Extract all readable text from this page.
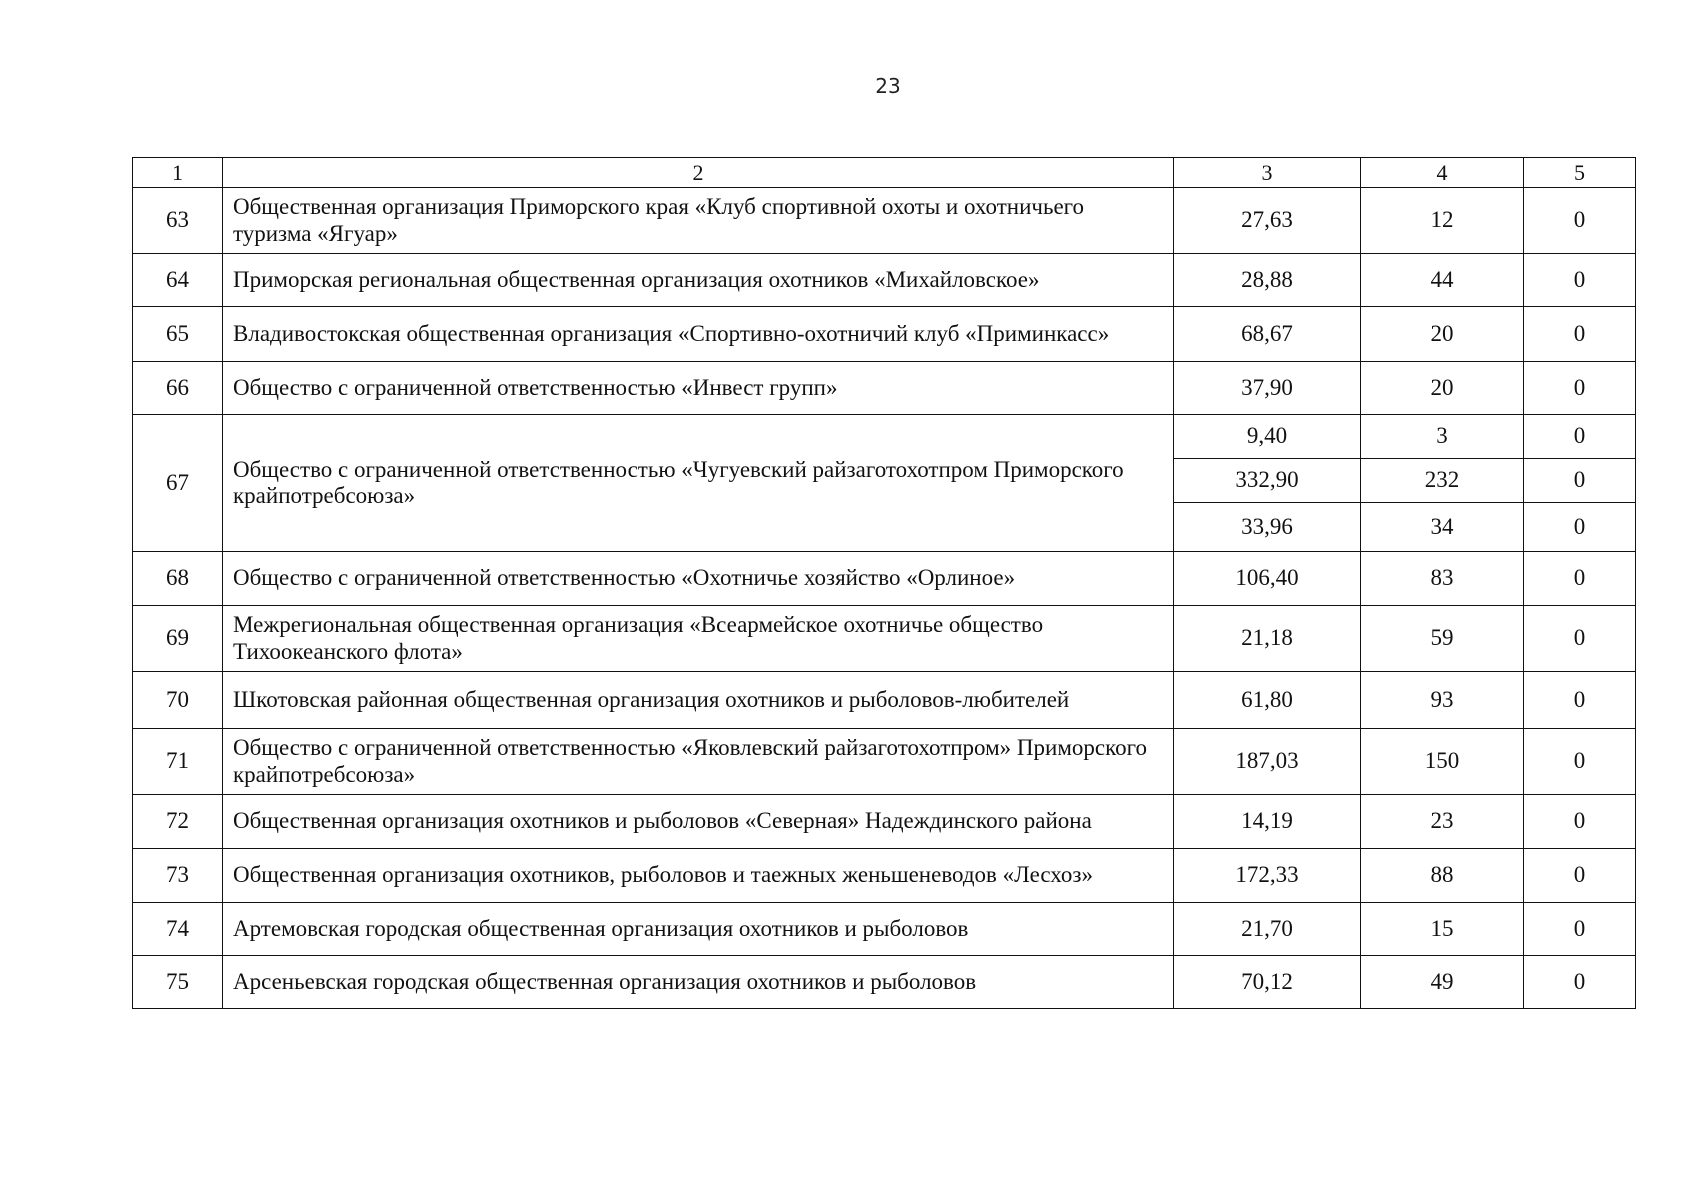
23
1	2	3	4	5
63	Общественная организация Приморского края «Клуб спортивной охоты и охотничьего туризма «Ягуар»	27,63	12	0
64	Приморская региональная общественная организация охотников «Михайловское»	28,88	44	0
65	Владивостокская общественная организация «Спортивно-охотничий клуб «Приминкасс»	68,67	20	0
66	Общество с ограниченной ответственностью «Инвест групп»	37,90	20	0
67	Общество с ограниченной ответственностью «Чугуевский райзаготохотпром Приморского крайпотребсоюза»	9,40	3	0
		332,90	232	0
		33,96	34	0
68	Общество с ограниченной ответственностью «Охотничье хозяйство «Орлиное»	106,40	83	0
69	Межрегиональная общественная организация «Всеармейское охотничье общество Тихоокеанского флота»	21,18	59	0
70	Шкотовская районная общественная организация охотников и рыболовов-любителей	61,80	93	0
71	Общество с ограниченной ответственностью «Яковлевский райзаготохотпром» Приморского крайпотребсоюза»	187,03	150	0
72	Общественная организация охотников и рыболовов «Северная» Надеждинского района	14,19	23	0
73	Общественная организация охотников, рыболовов и таежных женьшеневодов «Лесхоз»	172,33	88	0
74	Артемовская городская общественная организация охотников и рыболовов	21,70	15	0
75	Арсеньевская городская общественная организация охотников и рыболовов	70,12	49	0
